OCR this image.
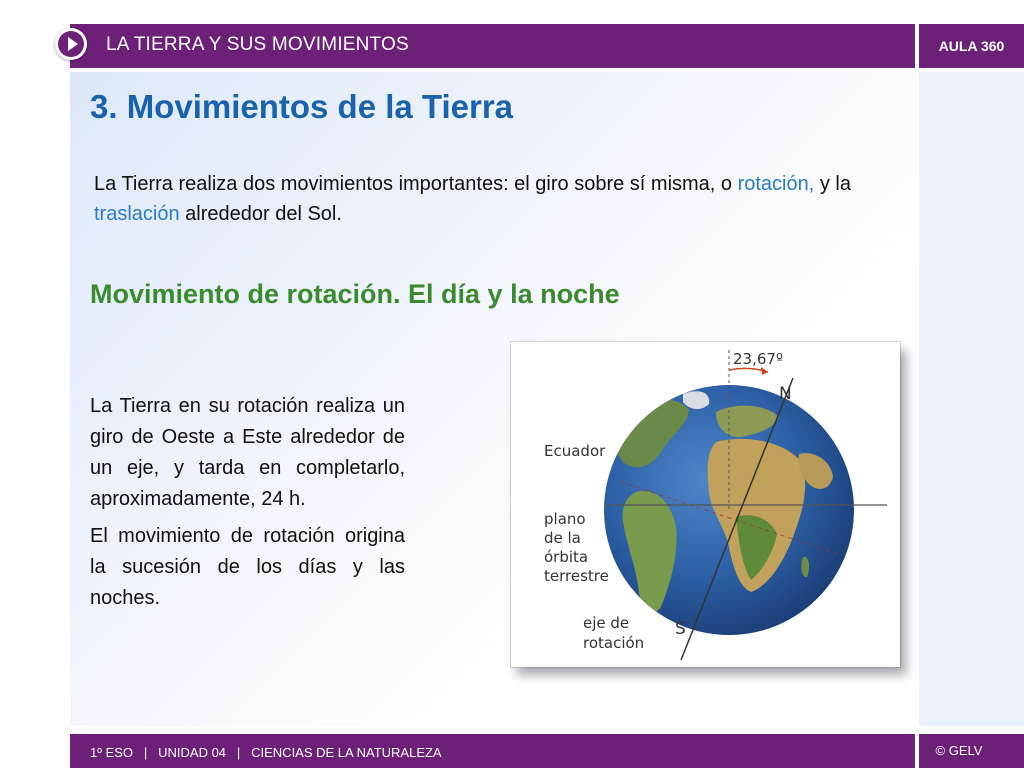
LA TIERRA Y SUS MOVIMIENTOS	AULA 360
3. Movimientos de la Tierra
La Tierra realiza dos movimientos importantes: el giro sobre sí misma, o rotación, y la traslación alrededor del Sol.
Movimiento de rotación. El día y la noche

La Tierra en su rotación realiza un giro de Oeste a Este alrededor de un eje, y tarda en completarlo, aproximadamente, 24 h.

El movimiento de rotación origina la sucesión de los días y las noches.

23,67º
N
S
Ecuador
plano
de la
órbita
terrestre
eje de
rotación
1º ESO | UNIDAD 04 | CIENCIAS DE LA NATURALEZA	© GELV
